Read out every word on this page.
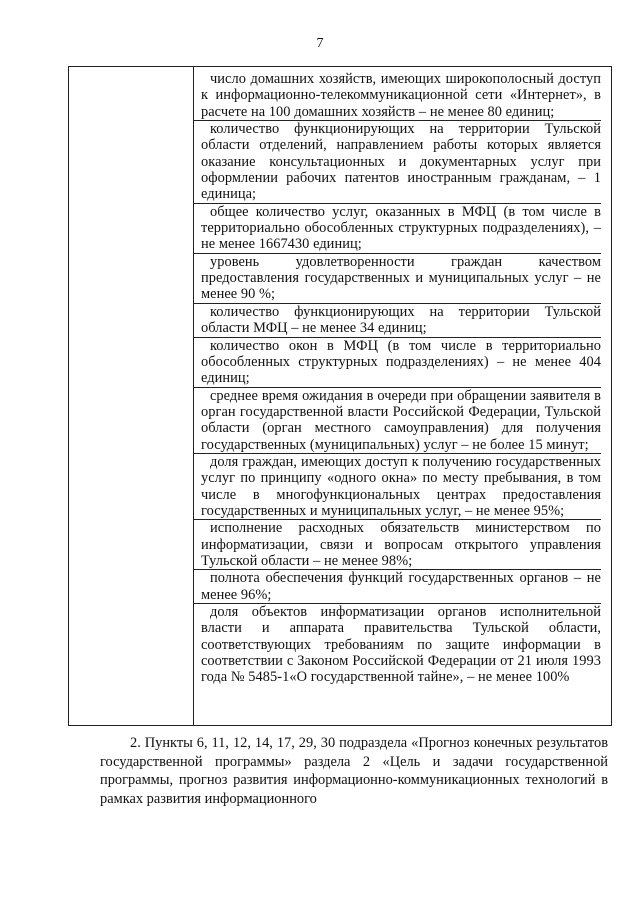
7

число домашних хозяйств, имеющих широкополосный доступ к информационно-телекоммуникационной сети «Интернет», в расчете на 100 домашних хозяйств – не менее 80 единиц;

количество функционирующих на территории Тульской области отделений, направлением работы которых является оказание консультационных и документарных услуг при оформлении рабочих патентов иностранным гражданам, – 1 единица;

общее количество услуг, оказанных в МФЦ (в том числе в территориально обособленных структурных подразделениях), – не менее 1667430 единиц;

уровень удовлетворенности граждан качеством предоставления государственных и муниципальных услуг – не менее 90 %;

количество функционирующих на территории Тульской области МФЦ – не менее 34 единиц;

количество окон в МФЦ (в том числе в территориально обособленных структурных подразделениях) – не менее 404 единиц;

среднее время ожидания в очереди при обращении заявителя в орган государственной власти Российской Федерации, Тульской области (орган местного самоуправления) для получения государственных (муниципальных) услуг – не более 15 минут;

доля граждан, имеющих доступ к получению государственных услуг по принципу «одного окна» по месту пребывания, в том числе в многофункциональных центрах предоставления государственных и муниципальных услуг, – не менее 95%;

исполнение расходных обязательств министерством по информатизации, связи и вопросам открытого управления Тульской области – не менее 98%;

полнота обеспечения функций государственных органов – не менее 96%;

доля объектов информатизации органов исполнительной власти и аппарата правительства Тульской области, соответствующих требованиям по защите информации в соответствии с Законом Российской Федерации от 21 июля 1993 года № 5485-1«О государственной тайне», – не менее 100%

2. Пункты 6, 11, 12, 14, 17, 29, 30 подраздела «Прогноз конечных результатов государственной программы» раздела 2 «Цель и задачи государственной программы, прогноз развития информационно-коммуникационных технологий в рамках развития информационного
